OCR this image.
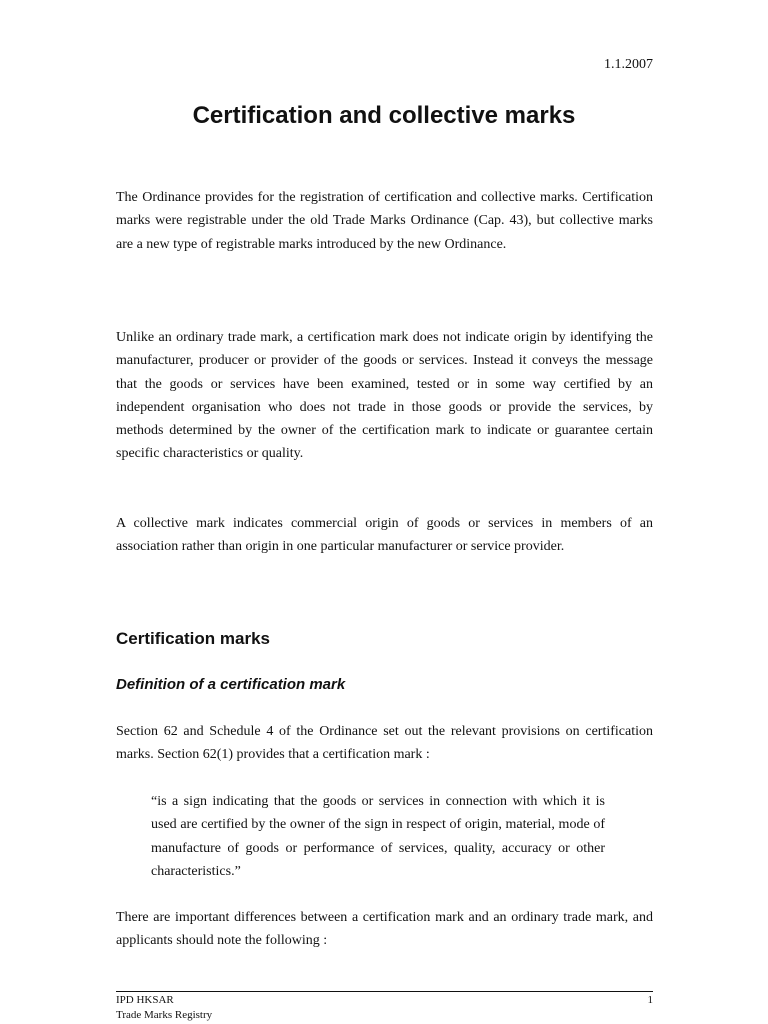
1.1.2007
Certification and collective marks

The Ordinance provides for the registration of certification and collective marks. Certification marks were registrable under the old Trade Marks Ordinance (Cap. 43), but collective marks are a new type of registrable marks introduced by the new Ordinance.

Unlike an ordinary trade mark, a certification mark does not indicate origin by identifying the manufacturer, producer or provider of the goods or services. Instead it conveys the message that the goods or services have been examined, tested or in some way certified by an independent organisation who does not trade in those goods or provide the services, by methods determined by the owner of the certification mark to indicate or guarantee certain specific characteristics or quality.

A collective mark indicates commercial origin of goods or services in members of an association rather than origin in one particular manufacturer or service provider.

Certification marks
Definition of a certification mark

Section 62 and Schedule 4 of the Ordinance set out the relevant provisions on certification marks. Section 62(1) provides that a certification mark :

“is a sign indicating that the goods or services in connection with which it is used are certified by the owner of the sign in respect of origin, material, mode of manufacture of goods or performance of services, quality, accuracy or other characteristics.”

There are important differences between a certification mark and an ordinary trade mark, and applicants should note the following :

IPD HKSAR
Trade Marks Registry
1
